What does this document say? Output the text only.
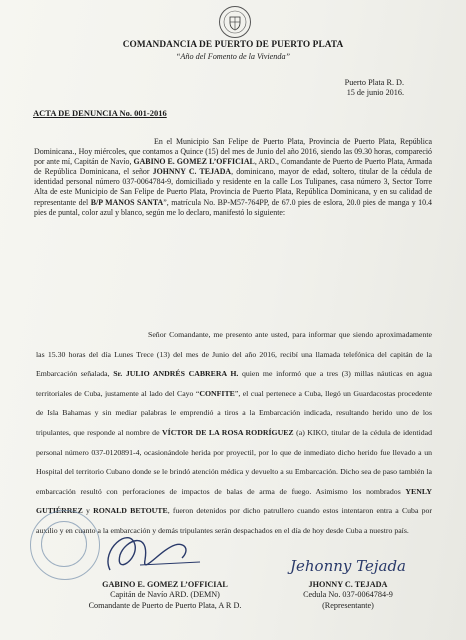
COMANDANCIA DE PUERTO DE PUERTO PLATA
“Año del Fomento de la Vivienda”
Puerto Plata R. D.
15 de junio 2016.
ACTA DE DENUNCIA No. 001-2016
En el Municipio San Felipe de Puerto Plata, Provincia de Puerto Plata, República Dominicana., Hoy miércoles, que contamos a Quince (15) del mes de Junio del año 2016, siendo las 09.30 horas, compareció por ante mí, Capitán de Navío, GABINO E. GOMEZ L’OFFICIAL, ARD., Comandante de Puerto de Puerto Plata, Armada de República Dominicana, el señor JOHNNY C. TEJADA, dominicano, mayor de edad, soltero, titular de la cédula de identidad personal número 037-0064784-9, domiciliado y residente en la calle Los Tulipanes, casa número 3, Sector Torre Alta de este Municipio de San Felipe de Puerto Plata, Provincia de Puerto Plata, República Dominicana, y en su calidad de representante del B/P MANOS SANTA”, matrícula No. BP-M57-764PP, de 67.0 pies de eslora, 20.0 pies de manga y 10.4 pies de puntal, color azul y blanco, según me lo declaro, manifestó lo siguiente:
Señor Comandante, me presento ante usted, para informar que siendo aproximadamente las 15.30 horas del día Lunes Trece (13) del mes de Junio del año 2016, recibí una llamada telefónica del capitán de la Embarcación señalada, Sr. JULIO ANDRÉS CABRERA H. quien me informó que a tres (3) millas náuticas en agua territoriales de Cuba, justamente al lado del Cayo “CONFITE”, el cual pertenece a Cuba, llegó un Guardacostas procedente de Isla Bahamas y sin mediar palabras le emprendió a tiros a la Embarcación indicada, resultando herido uno de los tripulantes, que responde al nombre de VÍCTOR DE LA ROSA RODRÍGUEZ (a) KIKO, titular de la cédula de identidad personal número 037-0120891-4, ocasionándole herida por proyectil, por lo que de inmediato dicho herido fue llevado a un Hospital del territorio Cubano donde se le brindó atención médica y devuelto a su Embarcación. Dicho sea de paso también la embarcación resultó con perforaciones de impactos de balas de arma de fuego. Asimismo los nombrados YENLY GUTIÉRREZ y RONALD BETOUTE, fueron detenidos por dicho patrullero cuando estos intentaron entra a Cuba por auxilio y en cuanto a la embarcación y demás tripulantes serán despachados en el día de hoy desde Cuba a nuestro país.
Jehonny Tejada
GABINO E. GOMEZ L’OFFICIAL
Capitán de Navío ARD. (DEMN)
Comandante de Puerto de Puerto Plata, A R D.
JHONNY C. TEJADA
Cedula No. 037-0064784-9
(Representante)
